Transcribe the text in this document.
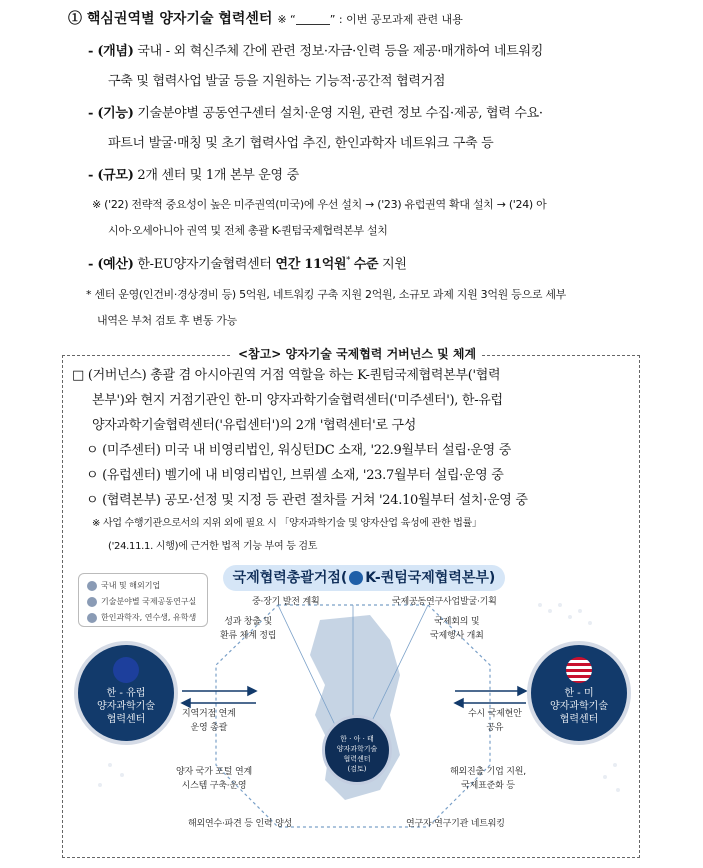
① 핵심권역별 양자기술 협력센터 ※ “	” : 이번 공모과제 관련 내용
- (개념) 국내 - 외 혁신주체 간에 관련 정보·자금·인력 등을 제공·매개하여 네트워킹
구축 및 협력사업 발굴 등을 지원하는 기능적·공간적 협력거점
- (기능) 기술분야별 공동연구센터 설치·운영 지원, 관련 정보 수집·제공, 협력 수요·
파트너 발굴·매칭 및 초기 협력사업 추진, 한인과학자 네트워크 구축 등
- (규모) 2개 센터 및 1개 본부 운영 중
※ ('22) 전략적 중요성이 높은 미주권역(미국)에 우선 설치 → ('23) 유럽권역 확대 설치 → ('24) 아
시아·오세아니아 권역 및 전체 총괄 K-퀀텀국제협력본부 설치
- (예산) 한-EU양자기술협력센터 연간 11억원* 수준 지원
* 센터 운영(인건비·경상경비 등) 5억원, 네트워킹 구축 지원 2억원, 소규모 과제 지원 3억원 등으로 세부
내역은 부처 검토 후 변동 가능
<참고> 양자기술 국제협력 거버넌스 및 체계
□ (거버넌스) 총괄 겸 아시아권역 거점 역할을 하는 K-퀀텀국제협력본부('협력
본부')와 현지 거점기관인 한-미 양자과학기술협력센터('미주센터'), 한-유럽
양자과학기술협력센터('유럽센터')의 2개 '협력센터'로 구성
ㅇ (미주센터) 미국 내 비영리법인, 워싱턴DC 소재, '22.9월부터 설립·운영 중
ㅇ (유럽센터) 벨기에 내 비영리법인, 브뤼셀 소재, '23.7월부터 설립·운영 중
ㅇ (협력본부) 공모·선정 및 지정 등 관련 절차를 거쳐 '24.10월부터 설치·운영 중
※ 사업 수행기관으로서의 지위 외에 필요 시 「양자과학기술 및 양자산업 육성에 관한 법률」
('24.11.1. 시행)에 근거한 법적 기능 부여 등 검토
국내 및 해외기업
기술분야별 국제공동연구실
한인과학자, 연수생, 유학생
국제협력총괄거점( K-퀀텀국제협력본부)
한 - 유럽
양자과학기술
협력센터
한 - 미
양자과학기술
협력센터
한 · 아 · 태
양자과학기술
협력센터
(검토)
중·장기 발전 계획
성과 창출 및
환류 체계 정립
국제공동연구사업발굴·기획
국제회의 및
국제행사 개최
지역거점 연계
운영 총괄
수시 국제현안
공유
양자 국가 포털 연계
시스템 구축·운영
해외진출 기업 지원,
국제표준화 등
해외연수·파견 등 인력 양성	연구자·연구기관 네트워킹
